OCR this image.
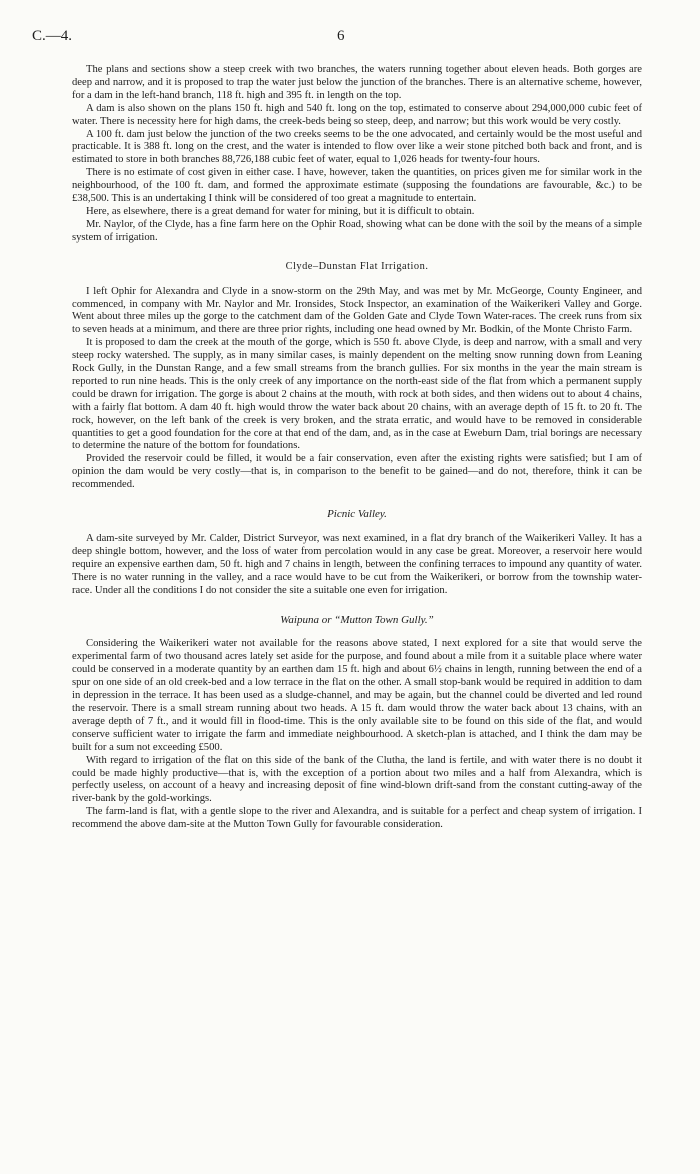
C.—4.	6

The plans and sections show a steep creek with two branches, the waters running together about eleven heads. Both gorges are deep and narrow, and it is proposed to trap the water just below the junction of the branches. There is an alternative scheme, however, for a dam in the left-hand branch, 118 ft. high and 395 ft. in length on the top.

A dam is also shown on the plans 150 ft. high and 540 ft. long on the top, estimated to conserve about 294,000,000 cubic feet of water. There is necessity here for high dams, the creek-beds being so steep, deep, and narrow; but this work would be very costly.

A 100 ft. dam just below the junction of the two creeks seems to be the one advocated, and certainly would be the most useful and practicable. It is 388 ft. long on the crest, and the water is intended to flow over like a weir stone pitched both back and front, and is estimated to store in both branches 88,726,188 cubic feet of water, equal to 1,026 heads for twenty-four hours.

There is no estimate of cost given in either case. I have, however, taken the quantities, on prices given me for similar work in the neighbourhood, of the 100 ft. dam, and formed the approximate estimate (supposing the foundations are favourable, &c.) to be £38,500. This is an undertaking I think will be considered of too great a magnitude to entertain.

Here, as elsewhere, there is a great demand for water for mining, but it is difficult to obtain.

Mr. Naylor, of the Clyde, has a fine farm here on the Ophir Road, showing what can be done with the soil by the means of a simple system of irrigation.

Clyde–Dunstan Flat Irrigation.

I left Ophir for Alexandra and Clyde in a snow-storm on the 29th May, and was met by Mr. McGeorge, County Engineer, and commenced, in company with Mr. Naylor and Mr. Ironsides, Stock Inspector, an examination of the Waikerikeri Valley and Gorge. Went about three miles up the gorge to the catchment dam of the Golden Gate and Clyde Town Water-races. The creek runs from six to seven heads at a minimum, and there are three prior rights, including one head owned by Mr. Bodkin, of the Monte Christo Farm.

It is proposed to dam the creek at the mouth of the gorge, which is 550 ft. above Clyde, is deep and narrow, with a small and very steep rocky watershed. The supply, as in many similar cases, is mainly dependent on the melting snow running down from Leaning Rock Gully, in the Dunstan Range, and a few small streams from the branch gullies. For six months in the year the main stream is reported to run nine heads. This is the only creek of any importance on the north-east side of the flat from which a permanent supply could be drawn for irrigation. The gorge is about 2 chains at the mouth, with rock at both sides, and then widens out to about 4 chains, with a fairly flat bottom. A dam 40 ft. high would throw the water back about 20 chains, with an average depth of 15 ft. to 20 ft. The rock, however, on the left bank of the creek is very broken, and the strata erratic, and would have to be removed in considerable quantities to get a good foundation for the core at that end of the dam, and, as in the case at Eweburn Dam, trial borings are necessary to determine the nature of the bottom for foundations.

Provided the reservoir could be filled, it would be a fair conservation, even after the existing rights were satisfied; but I am of opinion the dam would be very costly—that is, in comparison to the benefit to be gained—and do not, therefore, think it can be recommended.

Picnic Valley.

A dam-site surveyed by Mr. Calder, District Surveyor, was next examined, in a flat dry branch of the Waikerikeri Valley. It has a deep shingle bottom, however, and the loss of water from percolation would in any case be great. Moreover, a reservoir here would require an expensive earthen dam, 50 ft. high and 7 chains in length, between the confining terraces to impound any quantity of water. There is no water running in the valley, and a race would have to be cut from the Waikerikeri, or borrow from the township water-race. Under all the conditions I do not consider the site a suitable one even for irrigation.

Waipuna or “Mutton Town Gully.”

Considering the Waikerikeri water not available for the reasons above stated, I next explored for a site that would serve the experimental farm of two thousand acres lately set aside for the purpose, and found about a mile from it a suitable place where water could be conserved in a moderate quantity by an earthen dam 15 ft. high and about 6½ chains in length, running between the end of a spur on one side of an old creek-bed and a low terrace in the flat on the other. A small stop-bank would be required in addition to dam in depression in the terrace. It has been used as a sludge-channel, and may be again, but the channel could be diverted and led round the reservoir. There is a small stream running about two heads. A 15 ft. dam would throw the water back about 13 chains, with an average depth of 7 ft., and it would fill in flood-time. This is the only available site to be found on this side of the flat, and would conserve sufficient water to irrigate the farm and immediate neighbourhood. A sketch-plan is attached, and I think the dam may be built for a sum not exceeding £500.

With regard to irrigation of the flat on this side of the bank of the Clutha, the land is fertile, and with water there is no doubt it could be made highly productive—that is, with the exception of a portion about two miles and a half from Alexandra, which is perfectly useless, on account of a heavy and increasing deposit of fine wind-blown drift-sand from the constant cutting-away of the river-bank by the gold-workings.

The farm-land is flat, with a gentle slope to the river and Alexandra, and is suitable for a perfect and cheap system of irrigation. I recommend the above dam-site at the Mutton Town Gully for favourable consideration.
